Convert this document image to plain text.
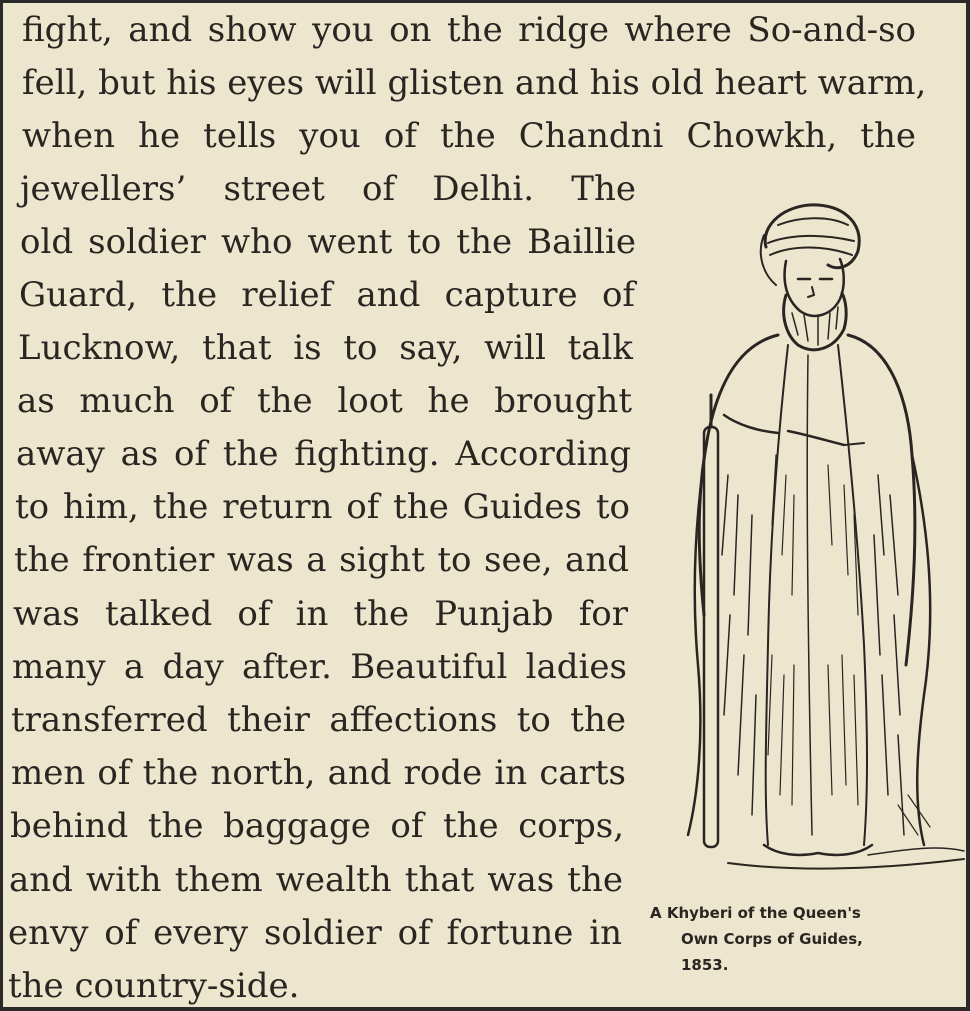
fight, and show you on the ridge where So-and-so
fell, but his eyes will glisten and his old heart warm,
when he tells you of the Chandni Chowkh, the
jewellers’ street of Delhi. The
old soldier who went to the Baillie
Guard, the relief and capture of
Lucknow, that is to say, will talk
as much of the loot he brought
away as of the fighting. According
to him, the return of the Guides to
the frontier was a sight to see, and
was talked of in the Punjab for
many a day after. Beautiful ladies
transferred their affections to the
men of the north, and rode in carts
behind the baggage of the corps,
and with them wealth that was the
envy of every soldier of fortune in
the country-side.
A Khyberi of the Queen's
Own Corps of Guides,
1853.
